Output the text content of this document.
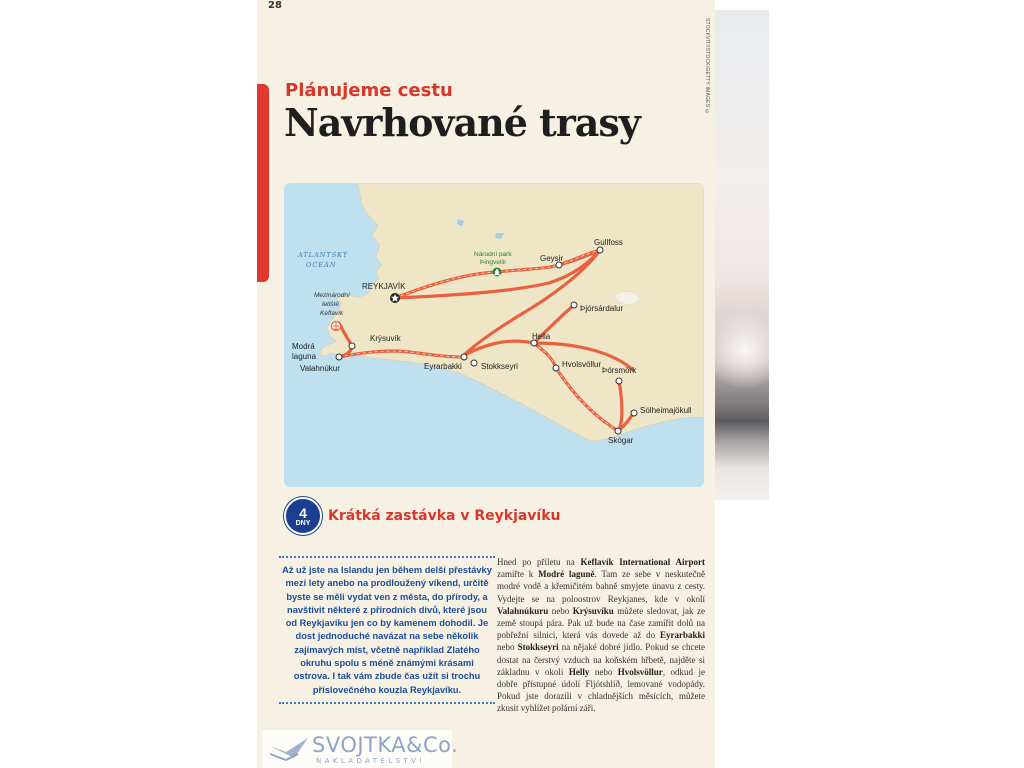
28
Plánujeme cestu
Navrhované trasy
STOCKVIT/ISTOCK/GETTY IMAGES ©
ATLANTSKÝ
OCEÁN
REYKJAVÍK
Mezinárodní
letiště
Keflavík
Modrá
laguna
Valahnúkur
Krýsuvík
Eyrarbakki Stokkseyri
Hella
Hvolsvöllur
Þórsmörk
Sólheimajökull
Skógar
Þjórsárdalur
Geysir
Gullfoss
Národní park
Þingvellir
4
DNY Krátká zastávka v Reykjavíku
Až už jste na Islandu jen během delší přestávky mezi lety anebo na prodloužený víkend, určitě byste se měli vydat ven z města, do přírody, a navštívit některé z přírodních divů, které jsou od Reykjavíku jen co by kamenem dohodil. Je dost jednoduché navázat na sebe několik zajímavých míst, včetně například Zlatého okruhu spolu s méně známými krásami ostrova. I tak vám zbude čas užít si trochu příslovečného kouzla Reykjavíku.
Hned po příletu na Keflavík International Airport zamiřte k Modré laguně. Tam ze sebe v neskutečně modré vodě a křemičitém bahně smyjete únavu z cesty. Vydejte se na poloostrov Reykjanes, kde v okolí Valahnúkuru nebo Krýsuvíku můžete sledovat, jak ze země stoupá pára. Pak už bude na čase zamířit dolů na pobřežní silnici, která vás dovede až do Eyrarbakki nebo Stokkseyri na nějaké dobré jídlo. Pokud se chcete dostat na čerstvý vzduch na koňském hřbetě, najděte si základnu v okolí Helly nebo Hvolsvöllur, odkud je dobře přístupné údolí Fljótshlíð, lemované vodopády. Pokud jste dorazili v chladnějších měsících, můžete zkusit vyhlížet polární záři.
SVOJTKA&Co.
NAKLADATELSTVÍ
